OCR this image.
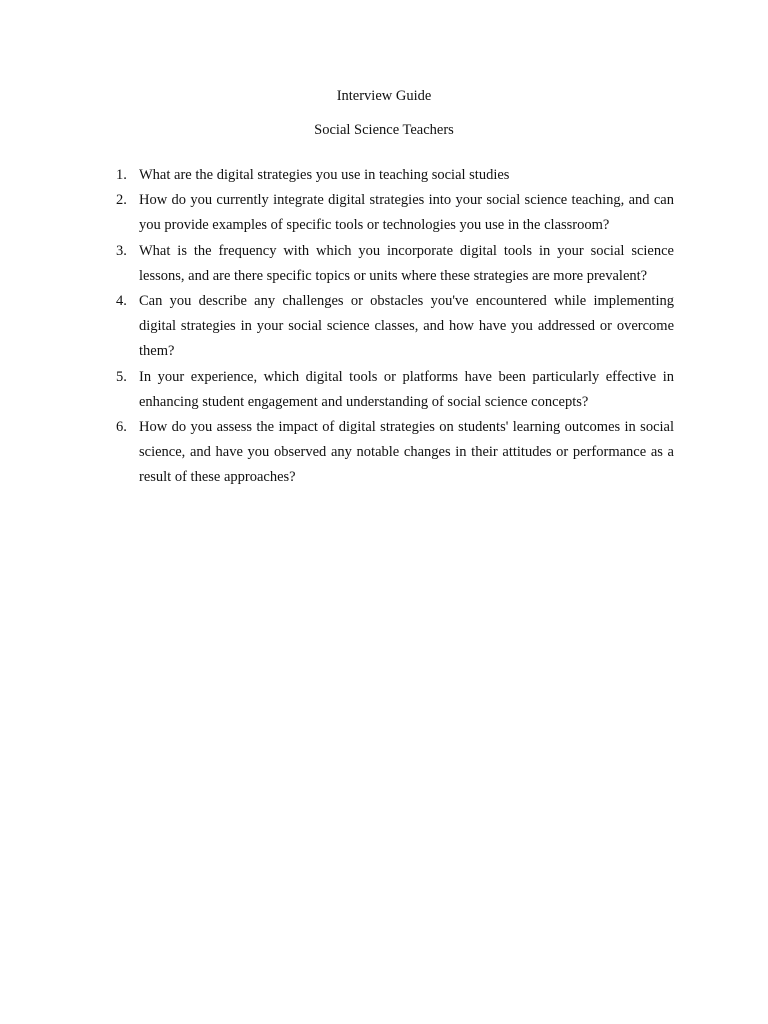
Interview Guide
Social Science Teachers
1. What are the digital strategies you use in teaching social studies
2. How do you currently integrate digital strategies into your social science teaching, and can you provide examples of specific tools or technologies you use in the classroom?
3. What is the frequency with which you incorporate digital tools in your social science lessons, and are there specific topics or units where these strategies are more prevalent?
4. Can you describe any challenges or obstacles you've encountered while implementing digital strategies in your social science classes, and how have you addressed or overcome them?
5. In your experience, which digital tools or platforms have been particularly effective in enhancing student engagement and understanding of social science concepts?
6. How do you assess the impact of digital strategies on students' learning outcomes in social science, and have you observed any notable changes in their attitudes or performance as a result of these approaches?
